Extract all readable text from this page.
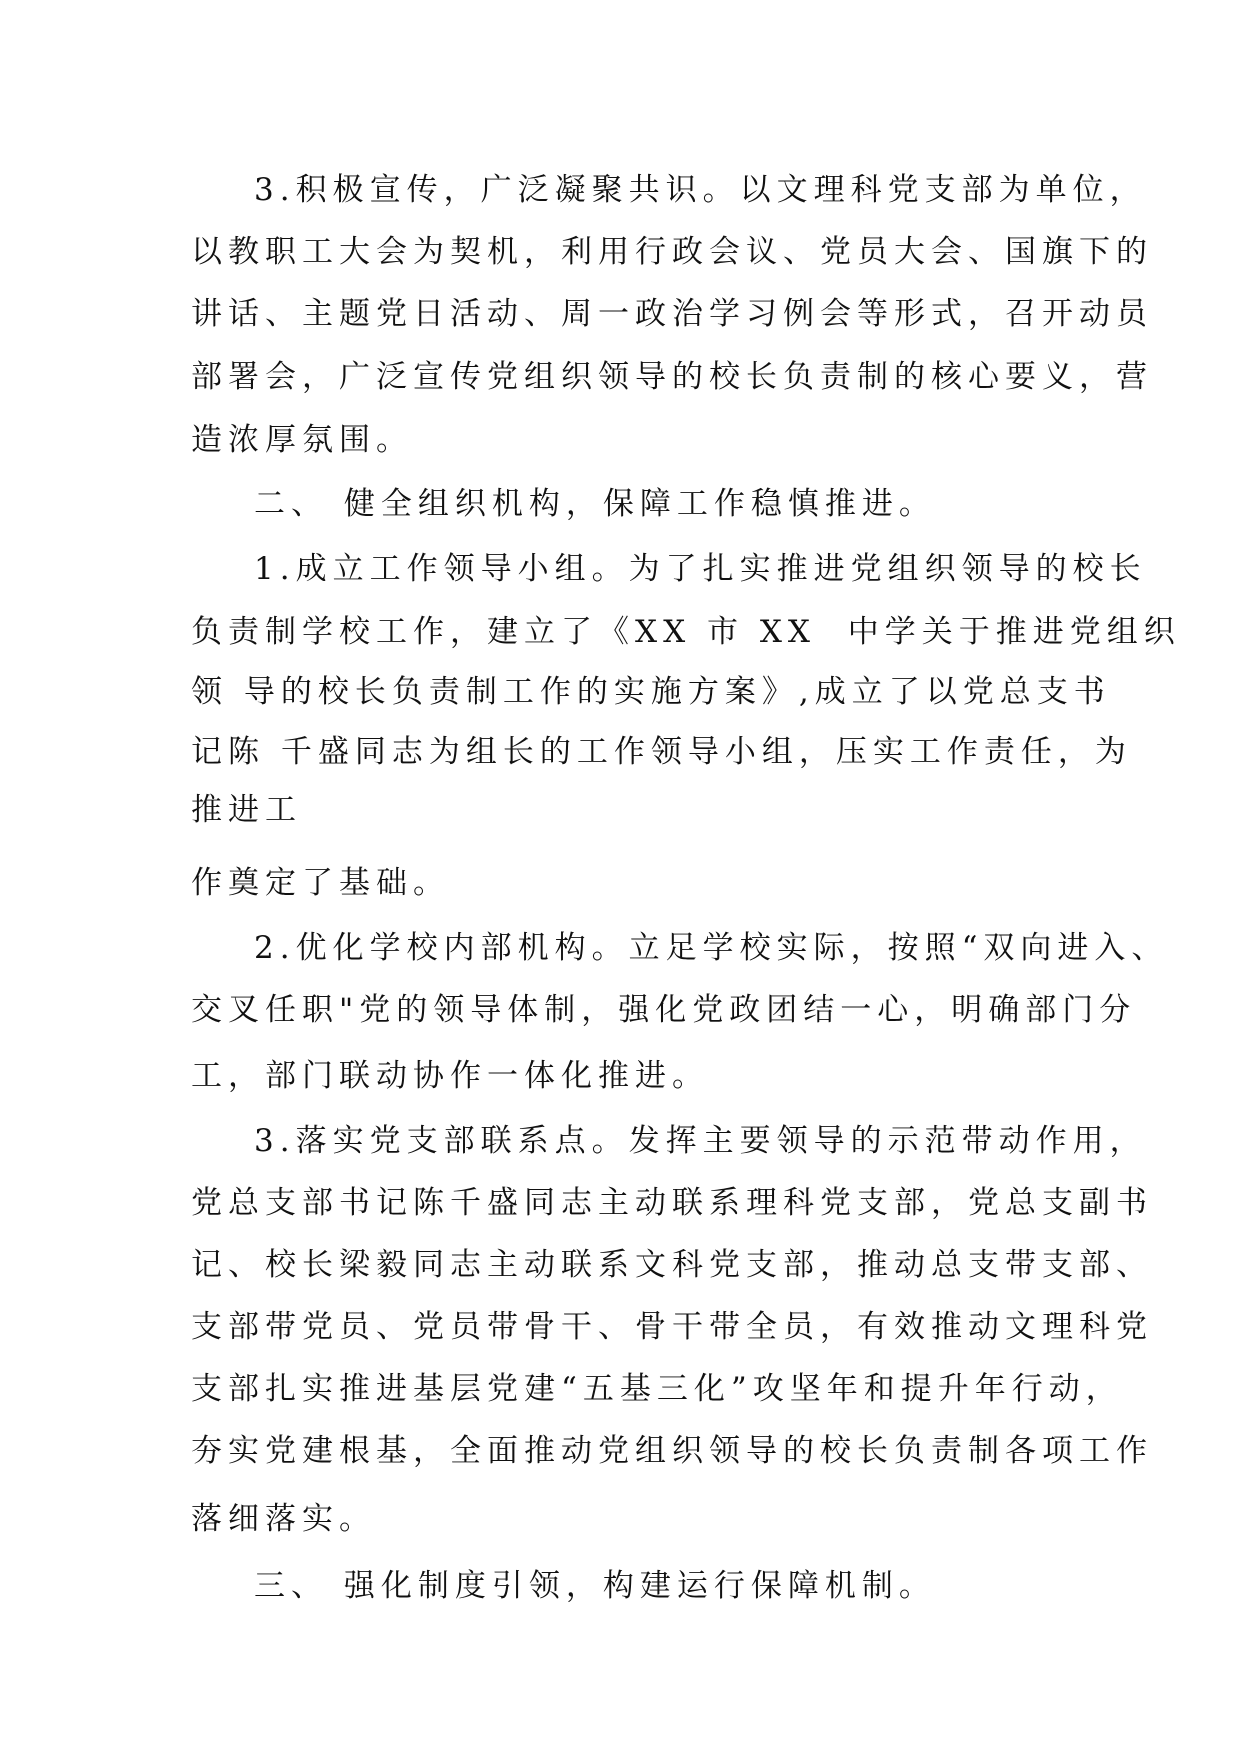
3.积极宣传，广泛凝聚共识。以文理科党支部为单位，
以教职工大会为契机，利用行政会议、党员大会、国旗下的
讲话、主题党日活动、周一政治学习例会等形式，召开动员
部署会，广泛宣传党组织领导的校长负责制的核心要义，营
造浓厚氛围。
二、 健全组织机构，保障工作稳慎推进。
1.成立工作领导小组。为了扎实推进党组织领导的校长
负责制学校工作，建立了《XX 市 XX  中学关于推进党组织
领 导的校长负责制工作的实施方案》,成立了以党总支书
记陈 千盛同志为组长的工作领导小组，压实工作责任，为
推进工
作奠定了基础。
2.优化学校内部机构。立足学校实际，按照“双向进入、
交叉任职"党的领导体制，强化党政团结一心，明确部门分
工，部门联动协作一体化推进。
3.落实党支部联系点。发挥主要领导的示范带动作用，
党总支部书记陈千盛同志主动联系理科党支部，党总支副书
记、校长梁毅同志主动联系文科党支部，推动总支带支部、
支部带党员、党员带骨干、骨干带全员，有效推动文理科党
支部扎实推进基层党建“五基三化”攻坚年和提升年行动，
夯实党建根基，全面推动党组织领导的校长负责制各项工作
落细落实。
三、 强化制度引领，构建运行保障机制。
